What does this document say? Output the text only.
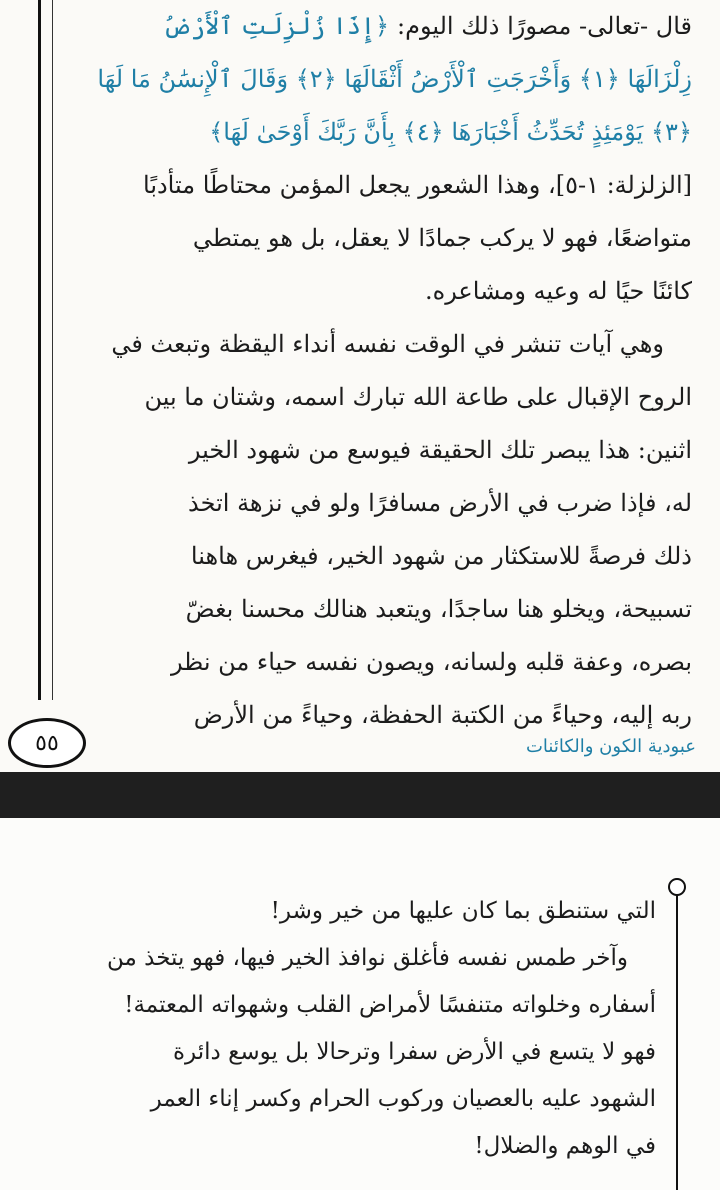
قال -تعالى- مصورًا ذلك اليوم:
﴿إِذَا زُلْزِلَتِ ٱلْأَرْضُ
زِلْزَالَهَا ﴿١﴾ وَأَخْرَجَتِ ٱلْأَرْضُ أَثْقَالَهَا ﴿٢﴾ وَقَالَ ٱلْإِنسَٰنُ مَا لَهَا
﴿٣﴾ يَوْمَئِذٍ تُحَدِّثُ أَخْبَارَهَا ﴿٤﴾ بِأَنَّ رَبَّكَ أَوْحَىٰ لَهَا﴾
[الزلزلة: ١-٥]، وهذا الشعور يجعل المؤمن محتاطًا متأدبًا
متواضعًا، فهو لا يركب جمادًا لا يعقل، بل هو يمتطي
كائنًا حيًا له وعيه ومشاعره.
وهي آيات تنشر في الوقت نفسه أنداء اليقظة وتبعث في
الروح الإقبال على طاعة الله تبارك اسمه، وشتان ما بين
اثنين: هذا يبصر تلك الحقيقة فيوسع من شهود الخير
له، فإذا ضرب في الأرض مسافرًا ولو في نزهة اتخذ
ذلك فرصةً للاستكثار من شهود الخير، فيغرس هاهنا
تسبيحة، ويخلو هنا ساجدًا، ويتعبد هنالك محسنا بغضّ
بصره، وعفة قلبه ولسانه، ويصون نفسه حياء من نظر
ربه إليه، وحياءً من الكتبة الحفظة، وحياءً من الأرض
٥٥	عبودية الكون والكائنات
التي ستنطق بما كان عليها من خير وشر!
وآخر طمس نفسه فأغلق نوافذ الخير فيها، فهو يتخذ من
أسفاره وخلواته متنفسًا لأمراض القلب وشهواته المعتمة!
فهو لا يتسع في الأرض سفرا وترحالا بل يوسع دائرة
الشهود عليه بالعصيان وركوب الحرام وكسر إناء العمر
في الوهم والضلال!
